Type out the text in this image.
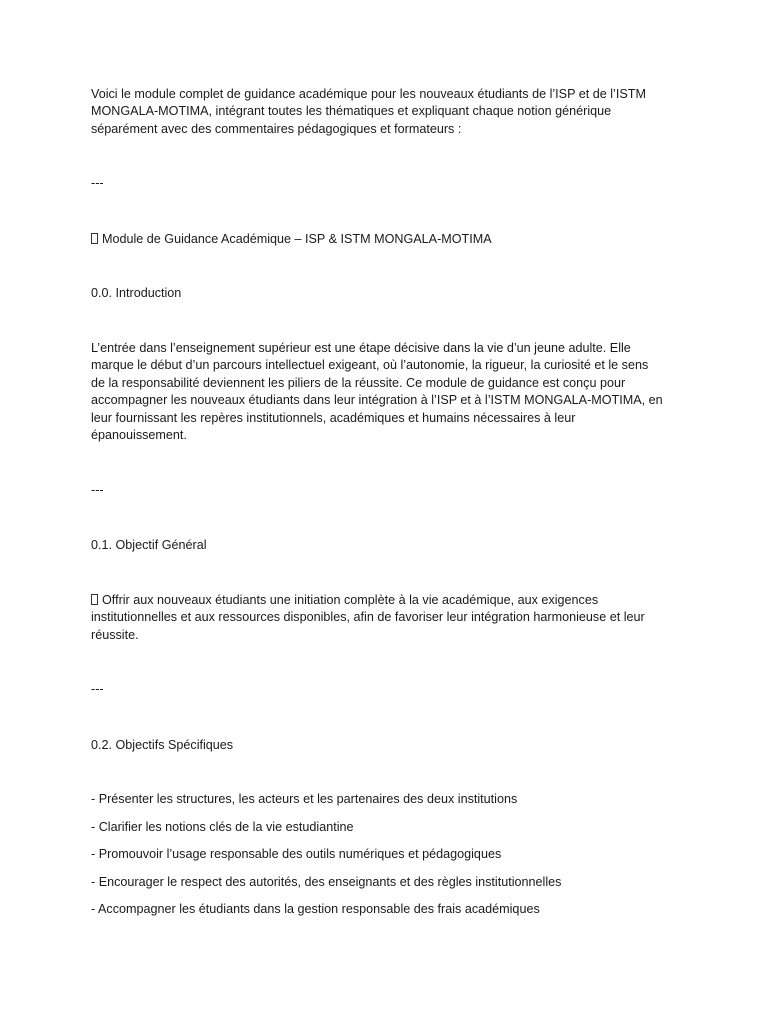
Voici le module complet de guidance académique pour les nouveaux étudiants de l’ISP et de l’ISTM
MONGALA-MOTIMA, intégrant toutes les thématiques et expliquant chaque notion générique
séparément avec des commentaires pédagogiques et formateurs :

---

Module de Guidance Académique – ISP & ISTM MONGALA-MOTIMA

0.0. Introduction

L’entrée dans l’enseignement supérieur est une étape décisive dans la vie d’un jeune adulte. Elle
marque le début d’un parcours intellectuel exigeant, où l’autonomie, la rigueur, la curiosité et le sens
de la responsabilité deviennent les piliers de la réussite. Ce module de guidance est conçu pour
accompagner les nouveaux étudiants dans leur intégration à l’ISP et à l’ISTM MONGALA-MOTIMA, en
leur fournissant les repères institutionnels, académiques et humains nécessaires à leur
épanouissement.

---

0.1. Objectif Général

Offrir aux nouveaux étudiants une initiation complète à la vie académique, aux exigences
institutionnelles et aux ressources disponibles, afin de favoriser leur intégration harmonieuse et leur
réussite.

---

0.2. Objectifs Spécifiques

- Présenter les structures, les acteurs et les partenaires des deux institutions
- Clarifier les notions clés de la vie estudiantine
- Promouvoir l’usage responsable des outils numériques et pédagogiques
- Encourager le respect des autorités, des enseignants et des règles institutionnelles
- Accompagner les étudiants dans la gestion responsable des frais académiques
